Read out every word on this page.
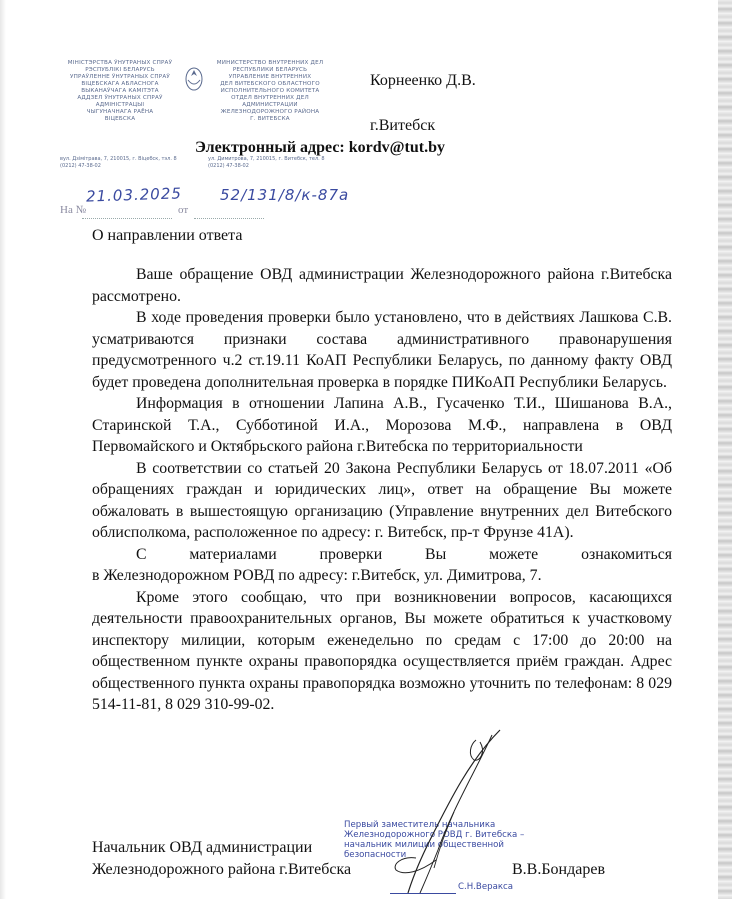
МІНІСТЭРСТВА ЎНУТРАНЫХ СПРАЎ
РЭСПУБЛІКІ БЕЛАРУСЬ
УПРАЎЛЕННЕ ЎНУТРАНЫХ СПРАЎ
ВІЦЕБСКАГА АБЛАСНОГА
ВЫКАНАЎЧАГА КАМІТЭТА
АДДЗЕЛ ЎНУТРАНЫХ СПРАЎ
АДМІНІСТРАЦЫІ
ЧЫГУНАЧНАГА РАЁНА
ВІЦЕБСКА
МИНИСТЕРСТВО ВНУТРЕННИХ ДЕЛ
РЕСПУБЛИКИ БЕЛАРУСЬ
УПРАВЛЕНИЕ ВНУТРЕННИХ
ДЕЛ ВИТЕБСКОГО ОБЛАСТНОГО
ИСПОЛНИТЕЛЬНОГО КОМИТЕТА
ОТДЕЛ ВНУТРЕННИХ ДЕЛ
АДМИНИСТРАЦИИ
ЖЕЛЕЗНОДОРОЖНОГО РАЙОНА
Г. ВИТЕБСКА
вул. Дзімітрава, 7, 210015, г. Віцебск, тэл. 8 (0212) 47-38-02
ул. Димитрова, 7, 210015, г. Витебск, тел. 8 (0212) 47-38-02
21.03.2025	52/131/8/к-87а
На №	от
Корнеенко Д.В.
г.Витебск
Электронный адрес: kordv@tut.by
О направлении ответа

Ваше обращение ОВД администрации Железнодорожного района г.Витебска рассмотрено.

В ходе проведения проверки было установлено, что в действиях Лашкова С.В. усматриваются признаки состава административного правонарушения предусмотренного ч.2 ст.19.11 КоАП Республики Беларусь, по данному факту ОВД будет проведена дополнительная проверка в порядке ПИКоАП Республики Беларусь.

Информация в отношении Лапина А.В., Гусаченко Т.И., Шишанова В.А., Старинской Т.А., Субботиной И.А., Морозова М.Ф., направлена в ОВД Первомайского и Октябрьского района г.Витебска по территориальности

В соответствии со статьей 20 Закона Республики Беларусь от 18.07.2011 «Об обращениях граждан и юридических лиц», ответ на обращение Вы можете обжаловать в вышестоящую организацию (Управление внутренних дел Витебского облисполкома, расположенное по адресу: г. Витебск, пр-т Фрунзе 41А).

С	материалами	проверки	Вы	можете	ознакомиться

в Железнодорожном РОВД по адресу: г.Витебск, ул. Димитрова, 7.

Кроме этого сообщаю, что при возникновении вопросов, касающихся деятельности правоохранительных органов, Вы можете обратиться к участковому инспектору милиции, которым еженедельно по средам с 17:00 до 20:00 на общественном пункте охраны правопорядка осуществляется приём граждан. Адрес общественного пункта охраны правопорядка возможно уточнить по телефонам: 8 029 514-11-81, 8 029 310-99-02.

Первый заместитель начальника
Железнодорожного РОВД г. Витебска –
начальник милиции общественной
безопасности
С.Н.Веракса
Начальник ОВД администрации
Железнодорожного района г.Витебска	В.В.Бондарев
